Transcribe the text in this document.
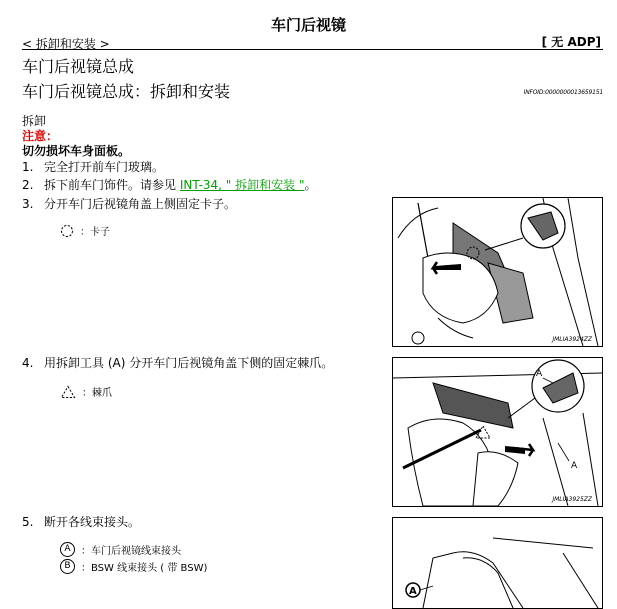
车门后视镜
< 拆卸和安装 >	[ 无 ADP]
车门后视镜总成
车门后视镜总成：拆卸和安装	INFOID:0000000013659151
拆卸
注意：
切勿损坏车身面板。
1. 完全打开前车门玻璃。
2. 拆下前车门饰件。请参见 INT-34, " 拆卸和安装 "。
3. 分开车门后视镜角盖上侧固定卡子。
：卡子
JMLIA3924ZZ
4. 用拆卸工具 (A) 分开车门后视镜角盖下侧的固定棘爪。
：棘爪
A
A
JMLIA3925ZZ
5. 断开各线束接头。
A	：车门后视镜线束接头
B	：BSW 线束接头 ( 带 BSW)
A
